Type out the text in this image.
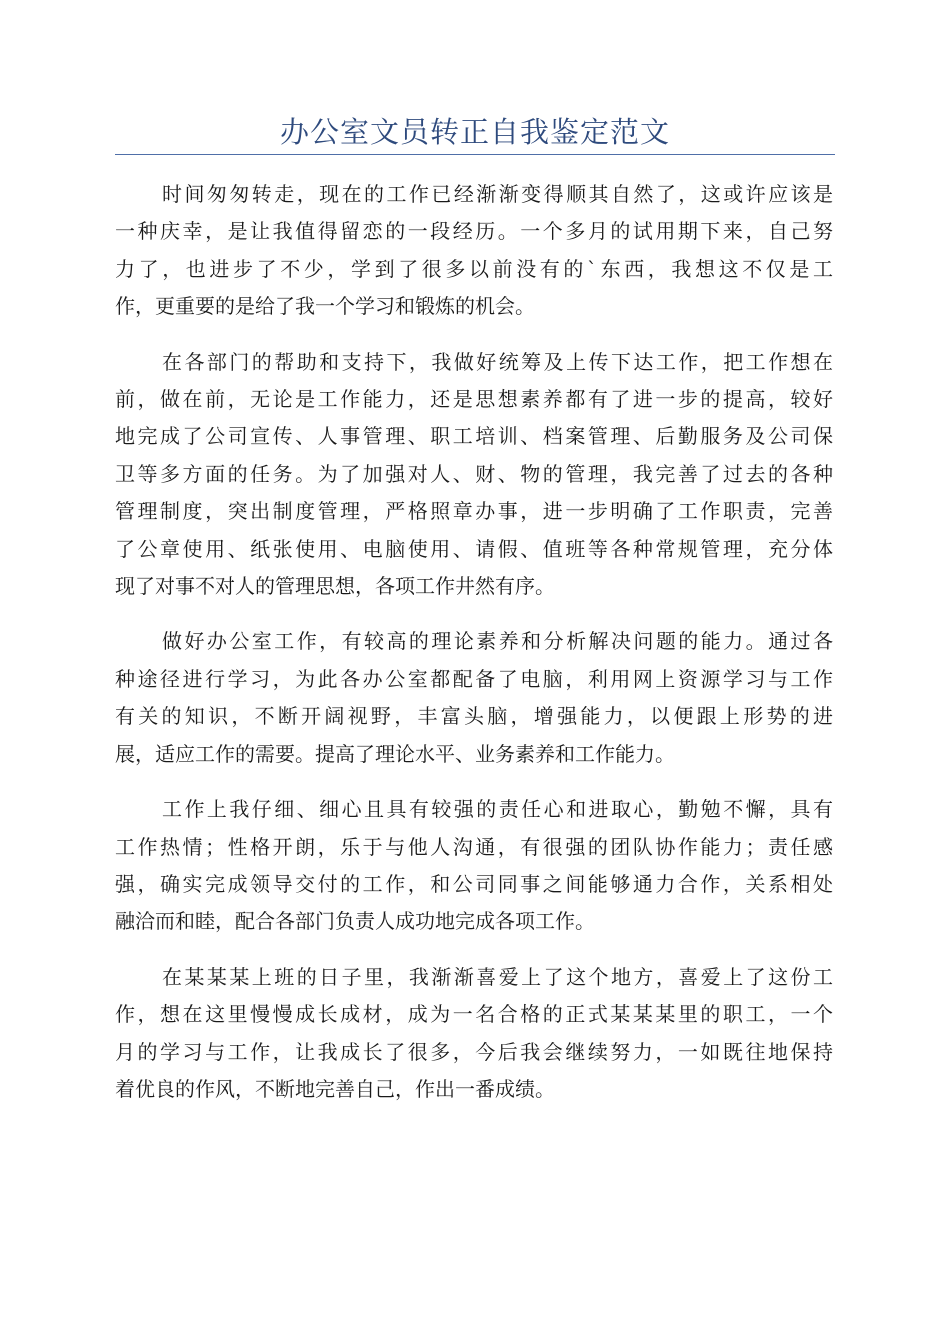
办公室文员转正自我鉴定范文

时间匆匆转走，现在的工作已经渐渐变得顺其自然了，这或许应该是
一种庆幸，是让我值得留恋的一段经历。一个多月的试用期下来，自己努
力了，也进步了不少，学到了很多以前没有的`东西，我想这不仅是工
作，更重要的是给了我一个学习和锻炼的机会。

在各部门的帮助和支持下，我做好统筹及上传下达工作，把工作想在
前，做在前，无论是工作能力，还是思想素养都有了进一步的提高，较好
地完成了公司宣传、人事管理、职工培训、档案管理、后勤服务及公司保
卫等多方面的任务。为了加强对人、财、物的管理，我完善了过去的各种
管理制度，突出制度管理，严格照章办事，进一步明确了工作职责，完善
了公章使用、纸张使用、电脑使用、请假、值班等各种常规管理，充分体
现了对事不对人的管理思想，各项工作井然有序。

做好办公室工作，有较高的理论素养和分析解决问题的能力。通过各
种途径进行学习，为此各办公室都配备了电脑，利用网上资源学习与工作
有关的知识，不断开阔视野，丰富头脑，增强能力，以便跟上形势的进
展，适应工作的需要。提高了理论水平、业务素养和工作能力。

工作上我仔细、细心且具有较强的责任心和进取心，勤勉不懈，具有
工作热情；性格开朗，乐于与他人沟通，有很强的团队协作能力；责任感
强，确实完成领导交付的工作，和公司同事之间能够通力合作，关系相处
融洽而和睦，配合各部门负责人成功地完成各项工作。

在某某某上班的日子里，我渐渐喜爱上了这个地方，喜爱上了这份工
作，想在这里慢慢成长成材，成为一名合格的正式某某某里的职工，一个
月的学习与工作，让我成长了很多，今后我会继续努力，一如既往地保持
着优良的作风，不断地完善自己，作出一番成绩。
